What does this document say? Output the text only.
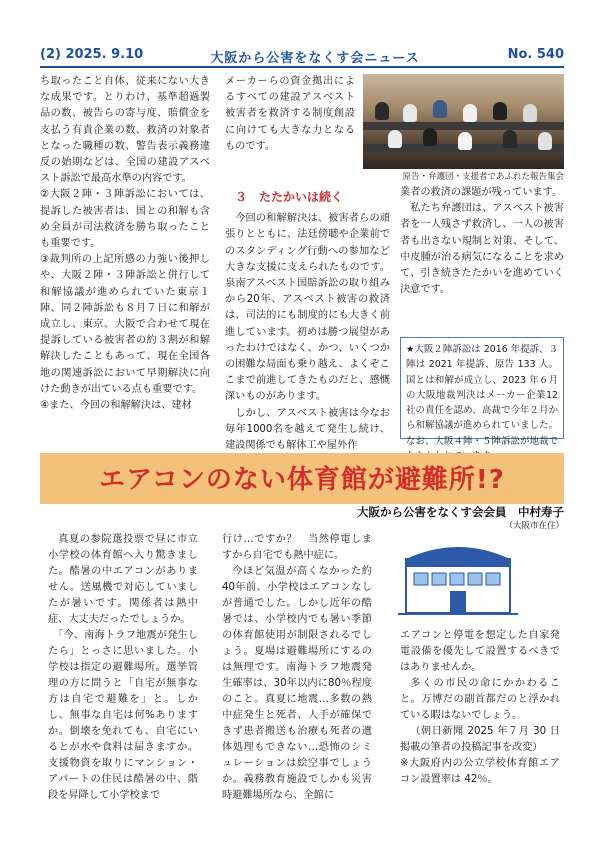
(2) 2025. 9.10	大阪から公害をなくす会ニュース	No. 540

ち取ったこと自体、従来にない大きな成果です。とりわけ、基準超過製品の数、被告らの寄与度、賠償金を支払う有責企業の数、救済の対象者となった職種の数、警告表示義務違反の始期などは、全国の建設アスベスト訴訟で最高水準の内容です。

②大阪２陣・３陣訴訟においては、提訴した被害者は、国との和解も含め全員が司法救済を勝ち取ったことも重要です。

③裁判所の上記所感の力強い後押しや、大阪２陣・３陣訴訟と併行して和解協議が進められていた東京１陣、同２陣訴訟も８月７日に和解が成立し、東京、大阪で合わせて現在提訴している被害者の約３割が和解解決したこともあって、現在全国各地の関連訴訟において早期解決に向けた動きが出ている点も重要です。

④また、今回の和解解決は、建材

メーカーらの資金拠出によるすべての建設アスベスト被害者を救済する制度創設に向けても大きな力となるものです。

原告・弁護団・支援者であふれた報告集会
３　たたかいは続く

今回の和解解決は、被害者らの頑張りとともに、法廷傍聴や企業前でのスタンディング行動への参加など大きな支援に支えられたものです。泉南アスベスト国賠訴訟の取り組みから20年、アスベスト被害の救済は、司法的にも制度的にも大きく前進しています。初めは勝つ展望があったわけではなく、かつ、いくつかの困難な局面も乗り越え、よくぞここまで前進してきたものだと、感慨深いものがあります。

しかし、アスベスト被害は今なお毎年1000名を越えて発生し続け、建設関係でも解体工や屋外作

業者の救済の課題が残っています。

私たち弁護団は、アスベスト被害者を一人残さず救済し、一人の被害者も出さない規制と対策、そして、中皮腫が治る病気になることを求めて、引き続きたたかいを進めていく決意です。

★大阪２陣訴訟は 2016 年提訴、３陣は 2021 年提訴、原告 133 人。国とは和解が成立し、2023 年６月の大阪地裁判決はメーカー企業12 社の責任を認め、高裁で今年２月から和解協議が進められていました。なお、大阪４陣・５陣訴訟が地裁で
エアコンのない体育館が避難所!?
大阪から公害をなくす会会員　中村寿子
（大阪市在住）

真夏の参院選投票で昼に市立小学校の体育館へ入り驚きました。酷暑の中エアコンがありません。送風機で対応していましたが暑いです。関係者は熱中症、大丈夫だったでしょうか。

「今、南海トラフ地震が発生したら」とっさに思いました。小学校は指定の避難場所。選挙管理の方に問うと「自宅が無事な方は自宅で避難を」と。しかし、無事な自宅は何%ありますか。倒壊を免れても、自宅にいるとが水や食料は届きますか。支援物資を取りにマンション・アパートの住民は酷暑の中、階段を昇降して小学校まで

行け…ですか？　当然停電しますから自宅でも熱中症に。

今ほど気温が高くなかった約40年前、小学校はエアコンなしが普通でした。しかし近年の酷暑では、小学校内でも暑い季節の体育館使用が制限されるでしょう。夏場は避難場所にするのは無理です。南海トラフ地震発生確率は、30年以内に80％程度のこと。真夏に地震…多数の熱中症発生と死者、人手が確保できず患者搬送も治療も死者の遺体処理もできない…恐怖のシミュレーションは絵空事でしょうか。義務教育施設でしかも災害時避難場所なら、全館に

エアコンと停電を想定した自家発電設備を優先して設置するべきではありませんか。

多くの市民の命にかかわること。万博だの副首都だのと浮かれている暇はないでしょう。

（朝日新聞 2025 年７月 30 日掲載の筆者の投稿記事を改変）

※大阪府内の公立学校体育館エアコン設置率は 42％。
